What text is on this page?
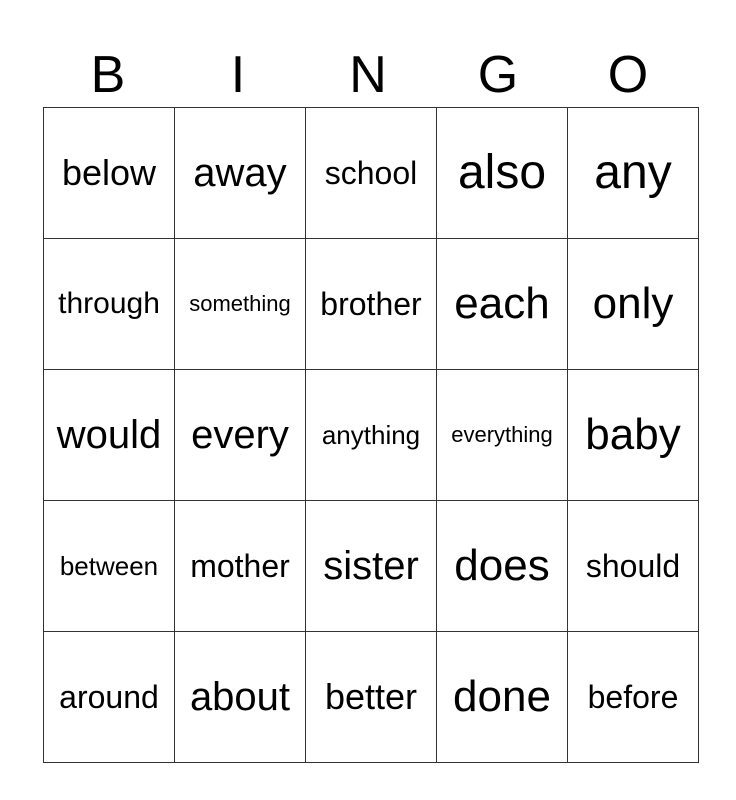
B	I	N	G	O
below	away	school	also	any
through	something	brother	each	only
would	every	anything	everything	baby
between	mother	sister	does	should
around	about	better	done	before
